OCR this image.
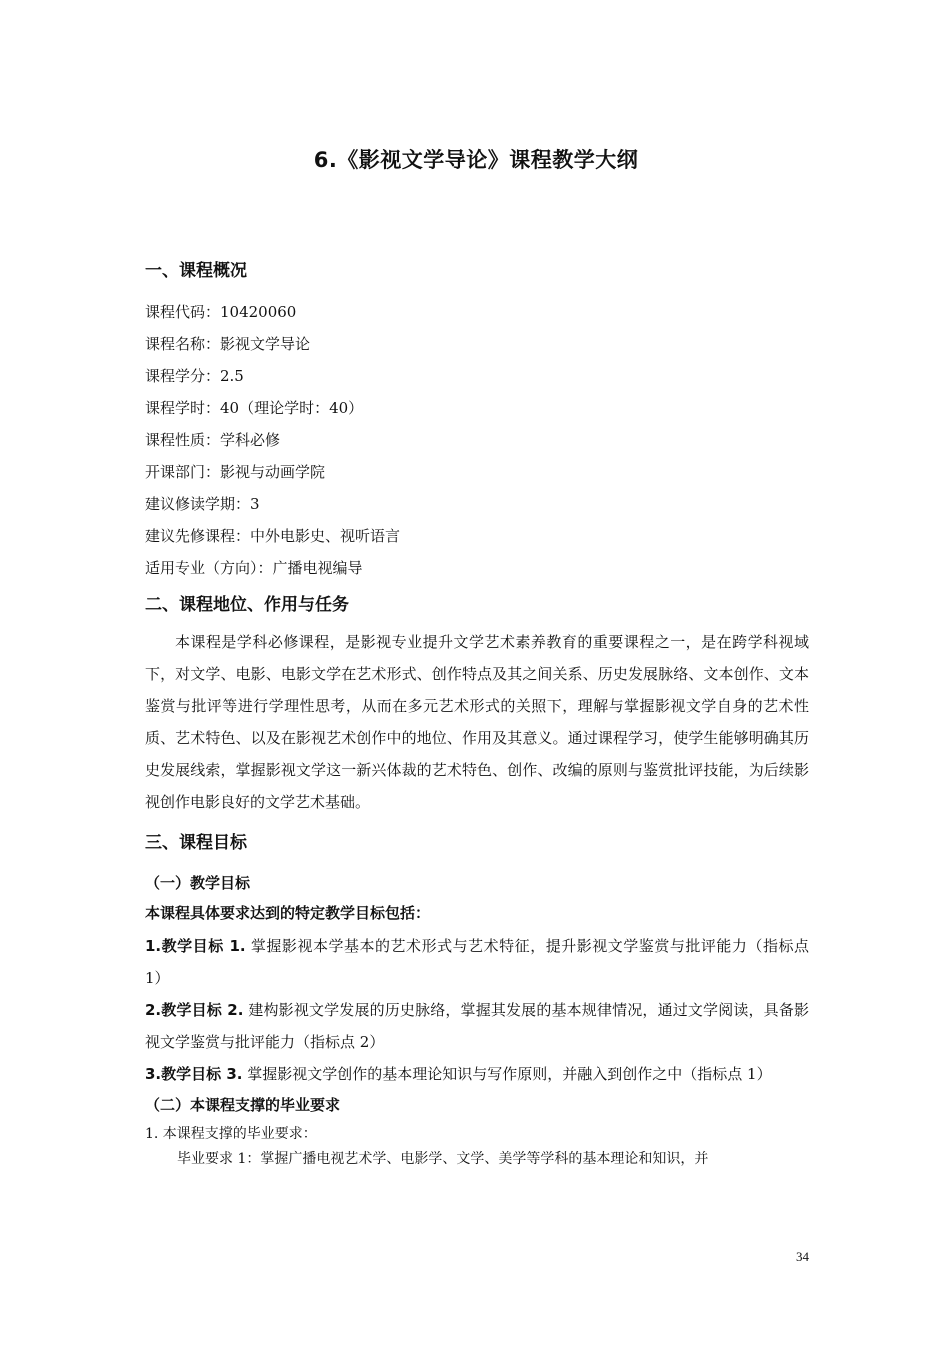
6.《影视文学导论》课程教学大纲
一、课程概况

课程代码：10420060

课程名称：影视文学导论

课程学分：2.5

课程学时：40（理论学时：40）

课程性质：学科必修

开课部门：影视与动画学院

建议修读学期：3

建议先修课程：中外电影史、视听语言

适用专业（方向）：广播电视编导

二、课程地位、作用与任务

本课程是学科必修课程，是影视专业提升文学艺术素养教育的重要课程之一，是在跨学科视域下，对文学、电影、电影文学在艺术形式、创作特点及其之间关系、历史发展脉络、文本创作、文本鉴赏与批评等进行学理性思考，从而在多元艺术形式的关照下，理解与掌握影视文学自身的艺术性质、艺术特色、以及在影视艺术创作中的地位、作用及其意义。通过课程学习，使学生能够明确其历史发展线索，掌握影视文学这一新兴体裁的艺术特色、创作、改编的原则与鉴赏批评技能，为后续影视创作电影良好的文学艺术基础。

三、课程目标
（一）教学目标
本课程具体要求达到的特定教学目标包括：

1.教学目标 1. 掌握影视本学基本的艺术形式与艺术特征，提升影视文学鉴赏与批评能力（指标点 1）

2.教学目标 2. 建构影视文学发展的历史脉络，掌握其发展的基本规律情况，通过文学阅读，具备影视文学鉴赏与批评能力（指标点 2）

3.教学目标 3. 掌握影视文学创作的基本理论知识与写作原则，并融入到创作之中（指标点 1）

（二）本课程支撑的毕业要求

1. 本课程支撑的毕业要求：

毕业要求 1：掌握广播电视艺术学、电影学、文学、美学等学科的基本理论和知识，并

34
